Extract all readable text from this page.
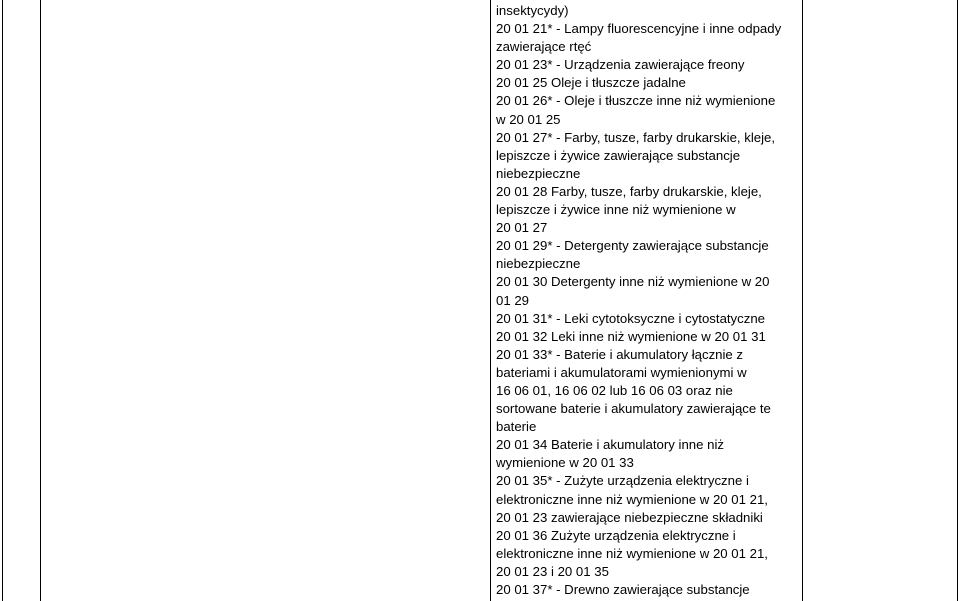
insektycydy)
20 01 21* - Lampy fluorescencyjne i inne odpady
zawierające rtęć
20 01 23* - Urządzenia zawierające freony
20 01 25 Oleje i tłuszcze jadalne
20 01 26* - Oleje i tłuszcze inne niż wymienione
w 20 01 25
20 01 27* - Farby, tusze, farby drukarskie, kleje,
lepiszcze i żywice zawierające substancje
niebezpieczne
20 01 28 Farby, tusze, farby drukarskie, kleje,
lepiszcze i żywice inne niż wymienione w
20 01 27
20 01 29* - Detergenty zawierające substancje
niebezpieczne
20 01 30 Detergenty inne niż wymienione w 20
01 29
20 01 31* - Leki cytotoksyczne i cytostatyczne
20 01 32 Leki inne niż wymienione w 20 01 31
20 01 33* - Baterie i akumulatory łącznie z
bateriami i akumulatorami wymienionymi w
16 06 01, 16 06 02 lub 16 06 03 oraz nie
sortowane baterie i akumulatory zawierające te
baterie
20 01 34 Baterie i akumulatory inne niż
wymienione w 20 01 33
20 01 35* - Zużyte urządzenia elektryczne i
elektroniczne inne niż wymienione w 20 01 21,
20 01 23 zawierające niebezpieczne składniki
20 01 36 Zużyte urządzenia elektryczne i
elektroniczne inne niż wymienione w 20 01 21,
20 01 23 i 20 01 35
20 01 37* - Drewno zawierające substancje
